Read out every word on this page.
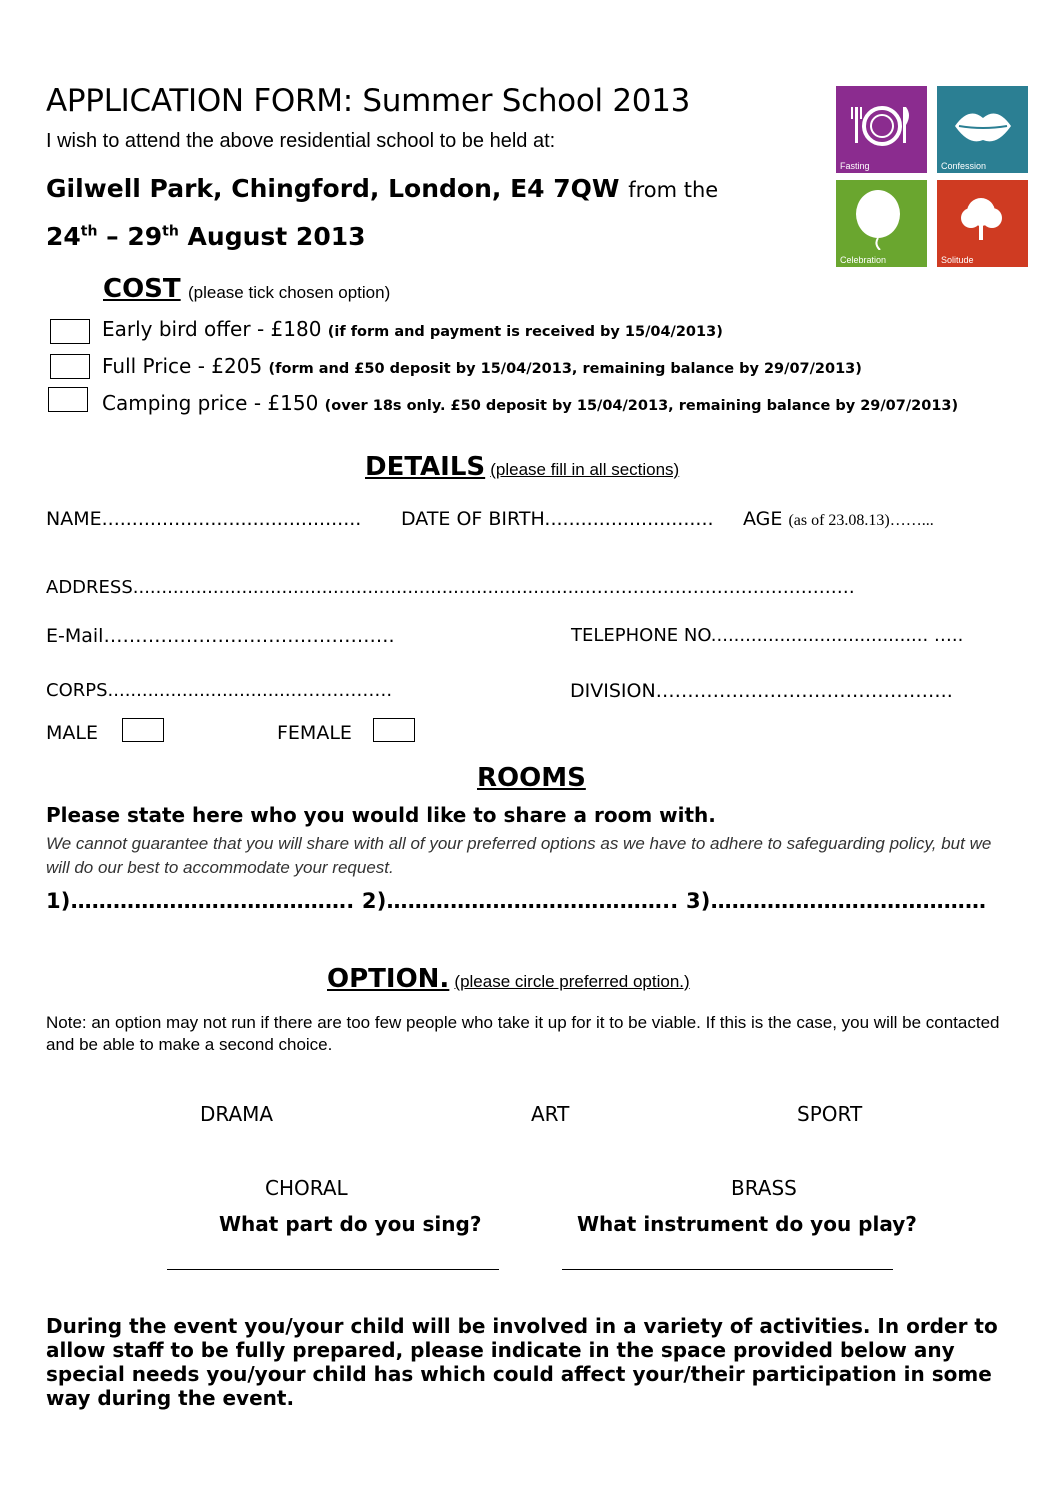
APPLICATION FORM: Summer School 2013
I wish to attend the above residential school to be held at:
Gilwell Park, Chingford, London, E4 7QW from the
24th – 29th August 2013
Fasting	Confession
Celebration	Solitude
COST (please tick chosen option)
Early bird offer - £180 (if form and payment is received by 15/04/2013)
Full Price - £205 (form and £50 deposit by 15/04/2013, remaining balance by 29/07/2013)
Camping price - £150 (over 18s only. £50 deposit by 15/04/2013, remaining balance by 29/07/2013)
DETAILS (please fill in all sections)
NAME........................................... DATE OF BIRTH............................ AGE (as of 23.08.13)……...
ADDRESS...............................................................................………………………………………
E-Mail……………………………………….	TELEPHONE NO...................................... …..
CORPS.................................…………….	DIVISION………………………………………..
MALE	FEMALE
ROOMS
Please state here who you would like to share a room with.
We cannot guarantee that you will share with all of your preferred options as we have to adhere to safeguarding policy, but we will do our best to accommodate your request.
1)…………………………………. 2)………………………………….. 3)…………………………………
OPTION. (please circle preferred option.)
Note: an option may not run if there are too few people who take it up for it to be viable. If this is the case, you will be contacted and be able to make a second choice.
DRAMA	ART	SPORT
CHORAL	BRASS
What part do you sing?	What instrument do you play?
During the event you/your child will be involved in a variety of activities. In order to allow staff to be fully prepared, please indicate in the space provided below any special needs you/your child has which could affect your/their participation in some way during the event.
